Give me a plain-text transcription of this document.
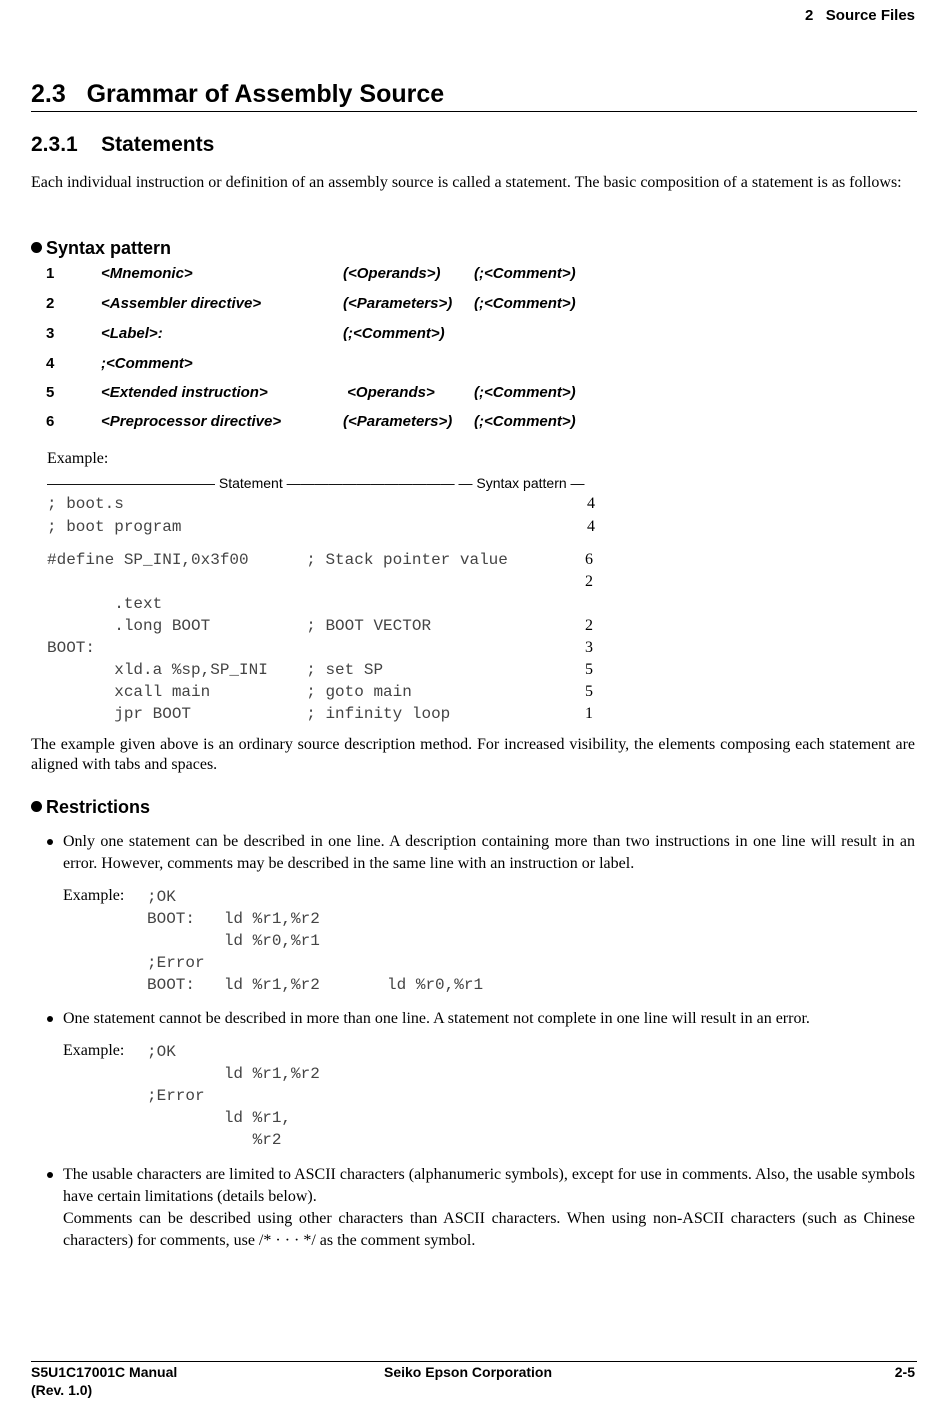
2   Source Files
2.3 Grammar of Assembly Source
2.3.1 Statements
Each individual instruction or definition of an assembly source is called a statement. The basic composition of a statement is as follows:
Syntax pattern
1	<Mnemonic>	(<Operands>) (;<Comment>)
2	<Assembler directive>	(<Parameters>) (;<Comment>)
3	<Label>:	(;<Comment>)
4	;<Comment>
5	<Extended instruction>	<Operands>	(;<Comment>)
6	<Preprocessor directive>	(<Parameters>) (;<Comment>)
Example:
———————————— Statement ———————————— — Syntax pattern —
; boot.s	4
; boot program	4
#define SP_INI,0x3f00      ; Stack pointer value	6
2
.text
.long BOOT          ; BOOT VECTOR	2
BOOT:	3
xld.a %sp,SP_INI    ; set SP	5
xcall main          ; goto main	5
jpr BOOT            ; infinity loop	1
The example given above is an ordinary source description method. For increased visibility, the elements composing each statement are aligned with tabs and spaces.
Restrictions
Only one statement can be described in one line. A description containing more than two instructions in one line will result in an error. However, comments may be described in the same line with an instruction or label.
Example: ;OK
BOOT:   ld %r1,%r2
ld %r0,%r1
;Error
BOOT:   ld %r1,%r2       ld %r0,%r1
One statement cannot be described in more than one line. A statement not complete in one line will result in an error.
Example: ;OK
ld %r1,%r2
;Error
ld %r1,
%r2
The usable characters are limited to ASCII characters (alphanumeric symbols), except for use in comments. Also, the usable symbols have certain limitations (details below).
Comments can be described using other characters than ASCII characters. When using non-ASCII characters (such as Chinese characters) for comments, use /* · · · */ as the comment symbol.
S5U1C17001C Manual
(Rev. 1.0)
Seiko Epson Corporation	2-5
